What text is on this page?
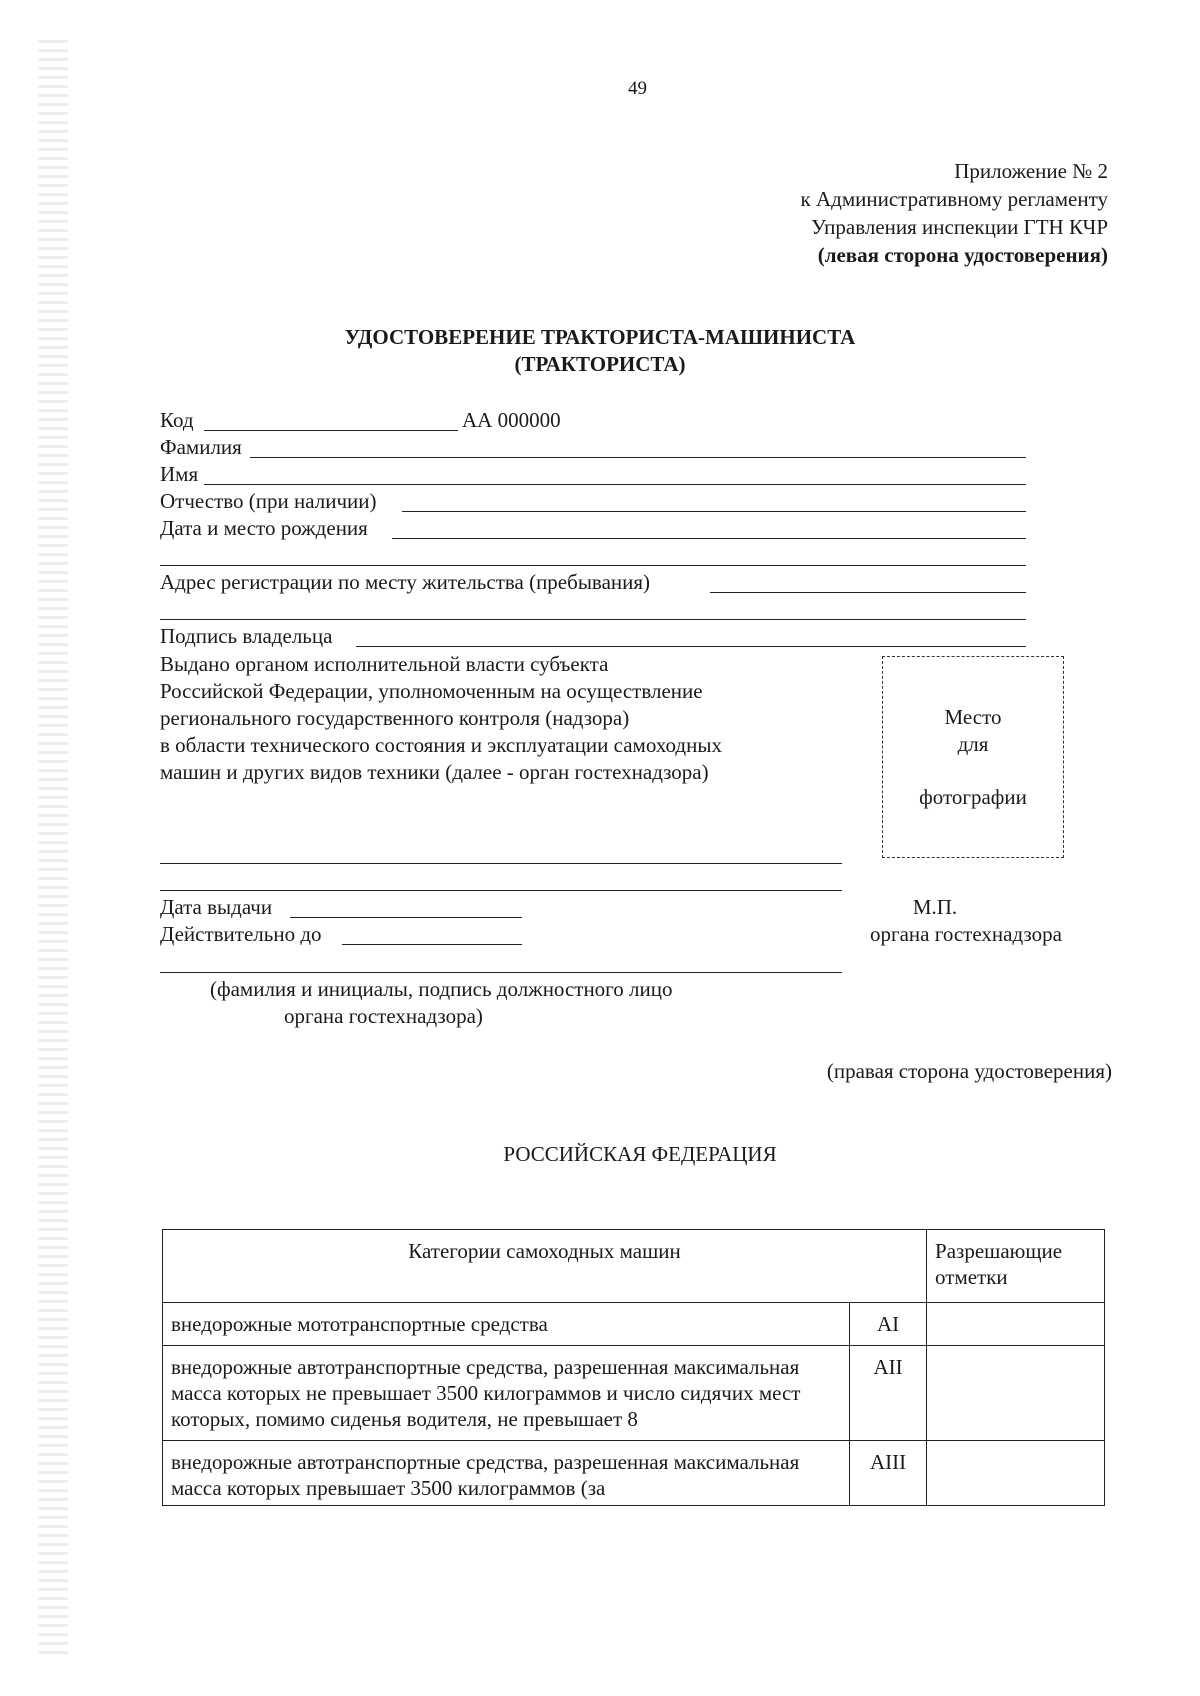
49
Приложение № 2
к Административному регламенту
Управления инспекции ГТН КЧР
(левая сторона удостоверения)
УДОСТОВЕРЕНИЕ ТРАКТОРИСТА-МАШИНИСТА
(ТРАКТОРИСТА)
Код	АА 000000
Фамилия
Имя
Отчество (при наличии)
Дата и место рождения
Адрес регистрации по месту жительства (пребывания)
Подпись владельца
Выдано органом исполнительной власти субъекта
Российской Федерации, уполномоченным на осуществление
регионального государственного контроля (надзора)
в области технического состояния и эксплуатации самоходных
машин и других видов техники (далее - орган гостехнадзора)
Место
для
фотографии
Дата выдачи
Действительно до
М.П.
органа гостехнадзора
(фамилия и инициалы, подпись должностного лицо
органа гостехнадзора)
(правая сторона удостоверения)
РОССИЙСКАЯ ФЕДЕРАЦИЯ
Категории самоходных машин		Разрешающие отметки
внедорожные мототранспортные средства	AI	
внедорожные автотранспортные средства, разрешенная максимальная масса которых не превышает 3500 килограммов и число сидячих мест которых, помимо сиденья водителя, не превышает 8	AII	
внедорожные автотранспортные средства, разрешенная максимальная масса которых превышает 3500 килограммов (за	AIII	
